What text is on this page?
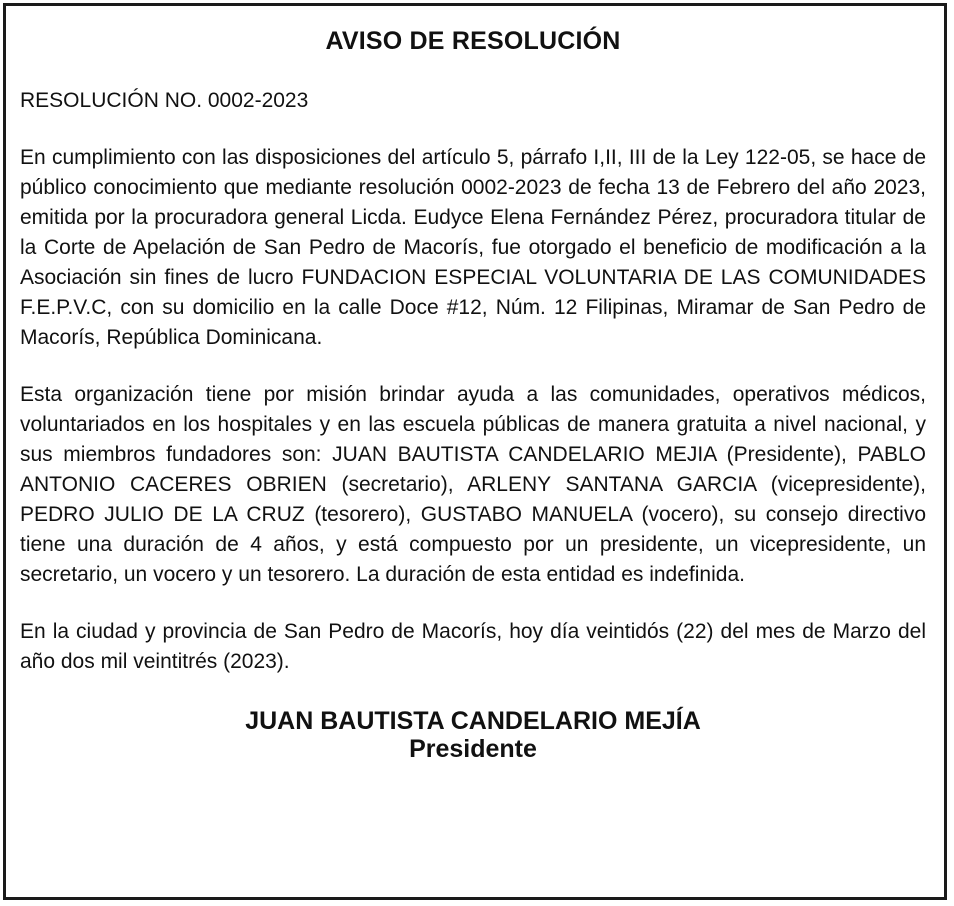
AVISO DE RESOLUCIÓN

RESOLUCIÓN NO. 0002-2023

En cumplimiento con las disposiciones del artículo 5, párrafo I,II, III de la Ley 122-05, se hace de público conocimiento que mediante resolución 0002-2023 de fecha 13 de Febrero del año 2023, emitida por la procuradora general Licda. Eudyce Elena Fernández Pérez, procuradora titular de la Corte de Apelación de San Pedro de Macorís, fue otorgado el beneficio de modificación a la Asociación sin fines de lucro FUNDACION ESPECIAL VOLUNTARIA DE LAS COMUNIDADES F.E.P.V.C, con su domicilio en la calle Doce #12, Núm. 12 Filipinas, Miramar de San Pedro de Macorís, República Dominicana.

Esta organización tiene por misión brindar ayuda a las comunidades, operativos médicos, voluntariados en los hospitales y en las escuela públicas de manera gratuita a nivel nacional, y sus miembros fundadores son: JUAN BAUTISTA CANDELARIO MEJIA (Presidente), PABLO ANTONIO CACERES OBRIEN (secretario), ARLENY SANTANA GARCIA (vicepresidente), PEDRO JULIO DE LA CRUZ (tesorero), GUSTABO MANUELA (vocero), su consejo directivo tiene una duración de 4 años, y está compuesto por un presidente, un vicepresidente, un secretario, un vocero y un tesorero. La duración de esta entidad es indefinida.

En la ciudad y provincia de San Pedro de Macorís, hoy día veintidós (22) del mes de Marzo del año dos mil veintitrés (2023).

JUAN BAUTISTA CANDELARIO MEJÍA
Presidente
